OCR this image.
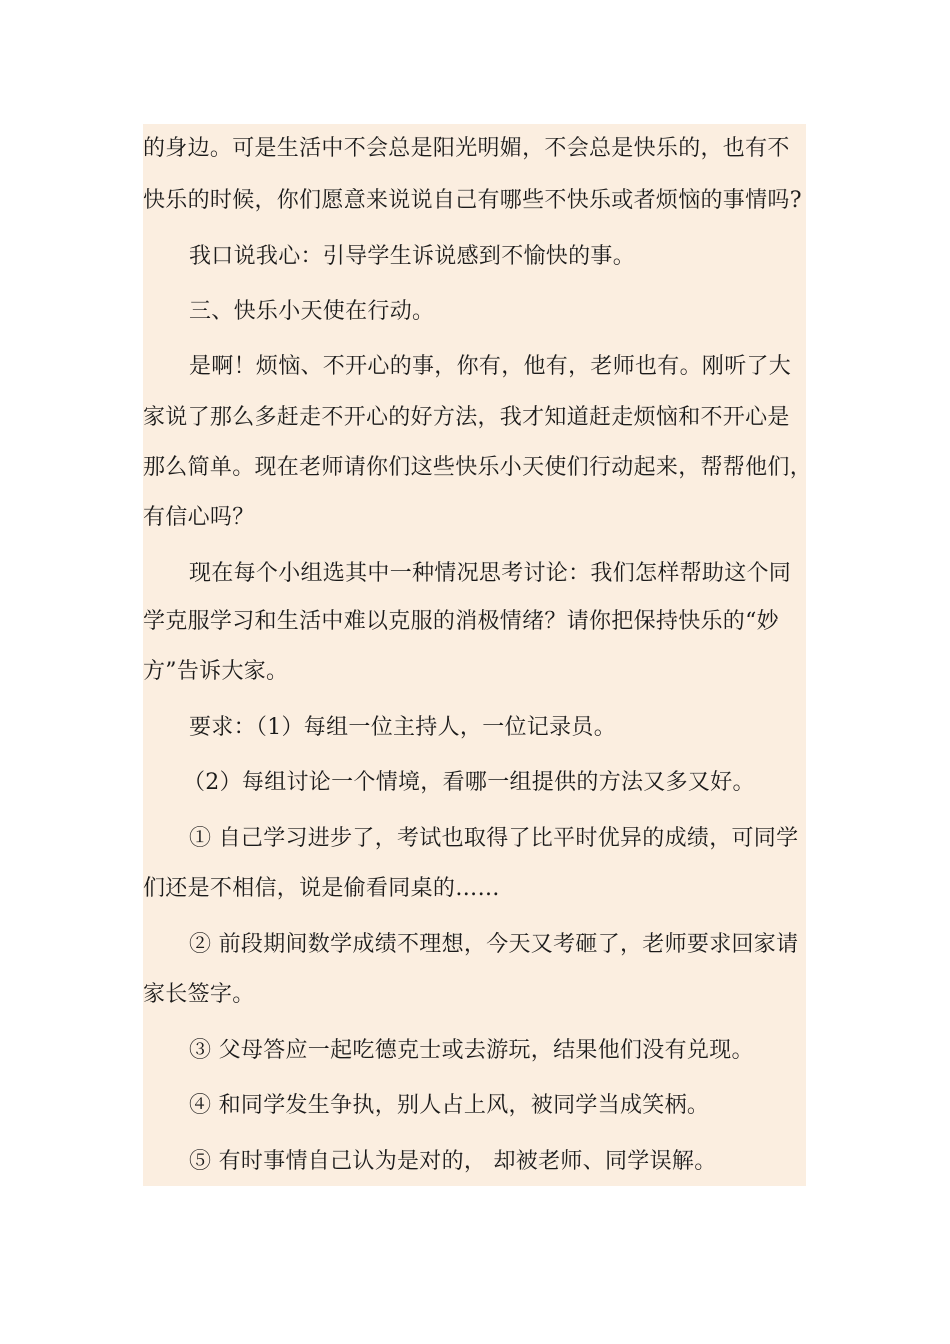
的身边。可是生活中不会总是阳光明媚，不会总是快乐的，也有不
快乐的时候，你们愿意来说说自己有哪些不快乐或者烦恼的事情吗?
我口说我心：引导学生诉说感到不愉快的事。
三、快乐小天使在行动。
是啊！烦恼、不开心的事，你有，他有，老师也有。刚听了大
家说了那么多赶走不开心的好方法，我才知道赶走烦恼和不开心是
那么简单。现在老师请你们这些快乐小天使们行动起来，帮帮他们，
有信心吗？
现在每个小组选其中一种情况思考讨论：我们怎样帮助这个同
学克服学习和生活中难以克服的消极情绪？请你把保持快乐的“妙
方”告诉大家。
要求：（1）每组一位主持人，一位记录员。
（2）每组讨论一个情境，看哪一组提供的方法又多又好。
① 自己学习进步了，考试也取得了比平时优异的成绩，可同学
们还是不相信，说是偷看同桌的……
② 前段期间数学成绩不理想，今天又考砸了，老师要求回家请
家长签字。
③ 父母答应一起吃德克士或去游玩，结果他们没有兑现。
④ 和同学发生争执，别人占上风，被同学当成笑柄。
⑤ 有时事情自己认为是对的， 却被老师、同学误解。
